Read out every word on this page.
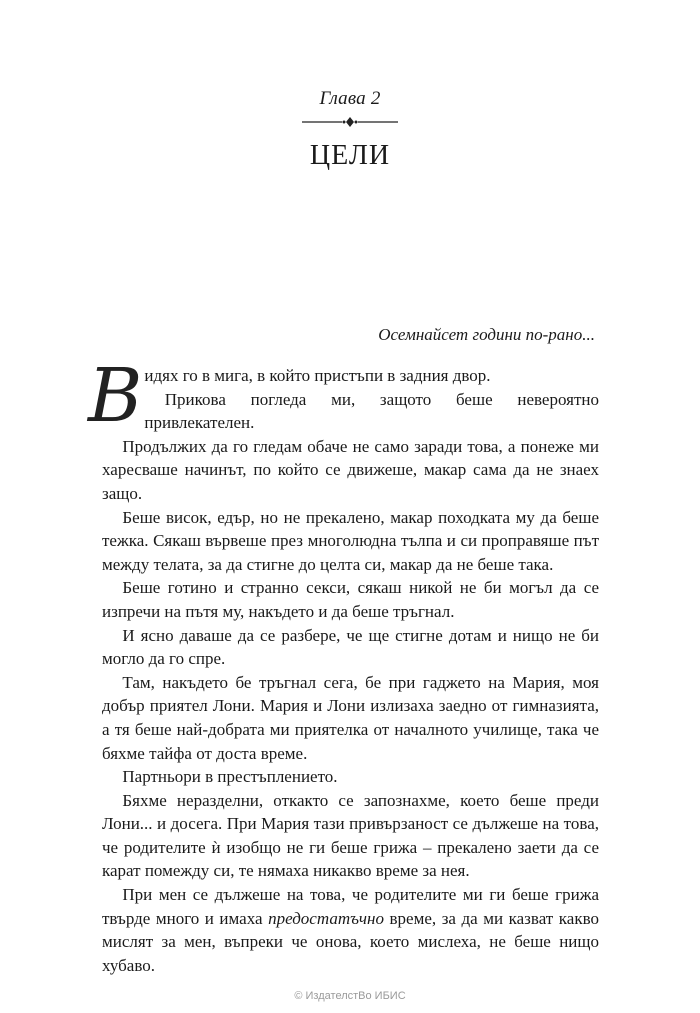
Глава 2
ЦЕЛИ
Осемнайсет години по-рано...

Видях го в мига, в който пристъпи в задния двор.

Прикова погледа ми, защото беше невероятно привлекателен.

Продължих да го гледам обаче не само заради това, а понеже ми харесваше начинът, по който се движеше, макар сама да не знаех защо.

Беше висок, едър, но не прекалено, макар походката му да беше тежка. Сякаш вървеше през многолюдна тълпа и си проправяше път между телата, за да стигне до целта си, макар да не беше така.

Беше готино и странно секси, сякаш никой не би могъл да се изпречи на пътя му, накъдето и да беше тръгнал.

И ясно даваше да се разбере, че ще стигне дотам и нищо не би могло да го спре.

Там, накъдето бе тръгнал сега, бе при гаджето на Мария, моя добър приятел Лони. Мария и Лони излизаха заедно от гимназията, а тя беше най-добрата ми приятелка от началното училище, така че бяхме тайфа от доста време.

Партньори в престъплението.

Бяхме неразделни, откакто се запознахме, което беше преди Лони... и досега. При Мария тази привързаност се дължеше на това, че родителите ѝ изобщо не ги беше грижа – прекалено заети да се карат помежду си, те нямаха никакво време за нея.

При мен се дължеше на това, че родителите ми ги беше грижа твърде много и имаха предостатъчно време, за да ми казват какво мислят за мен, въпреки че онова, което мислеха, не беше нищо хубаво.

© ИздателстВо ИБИС
